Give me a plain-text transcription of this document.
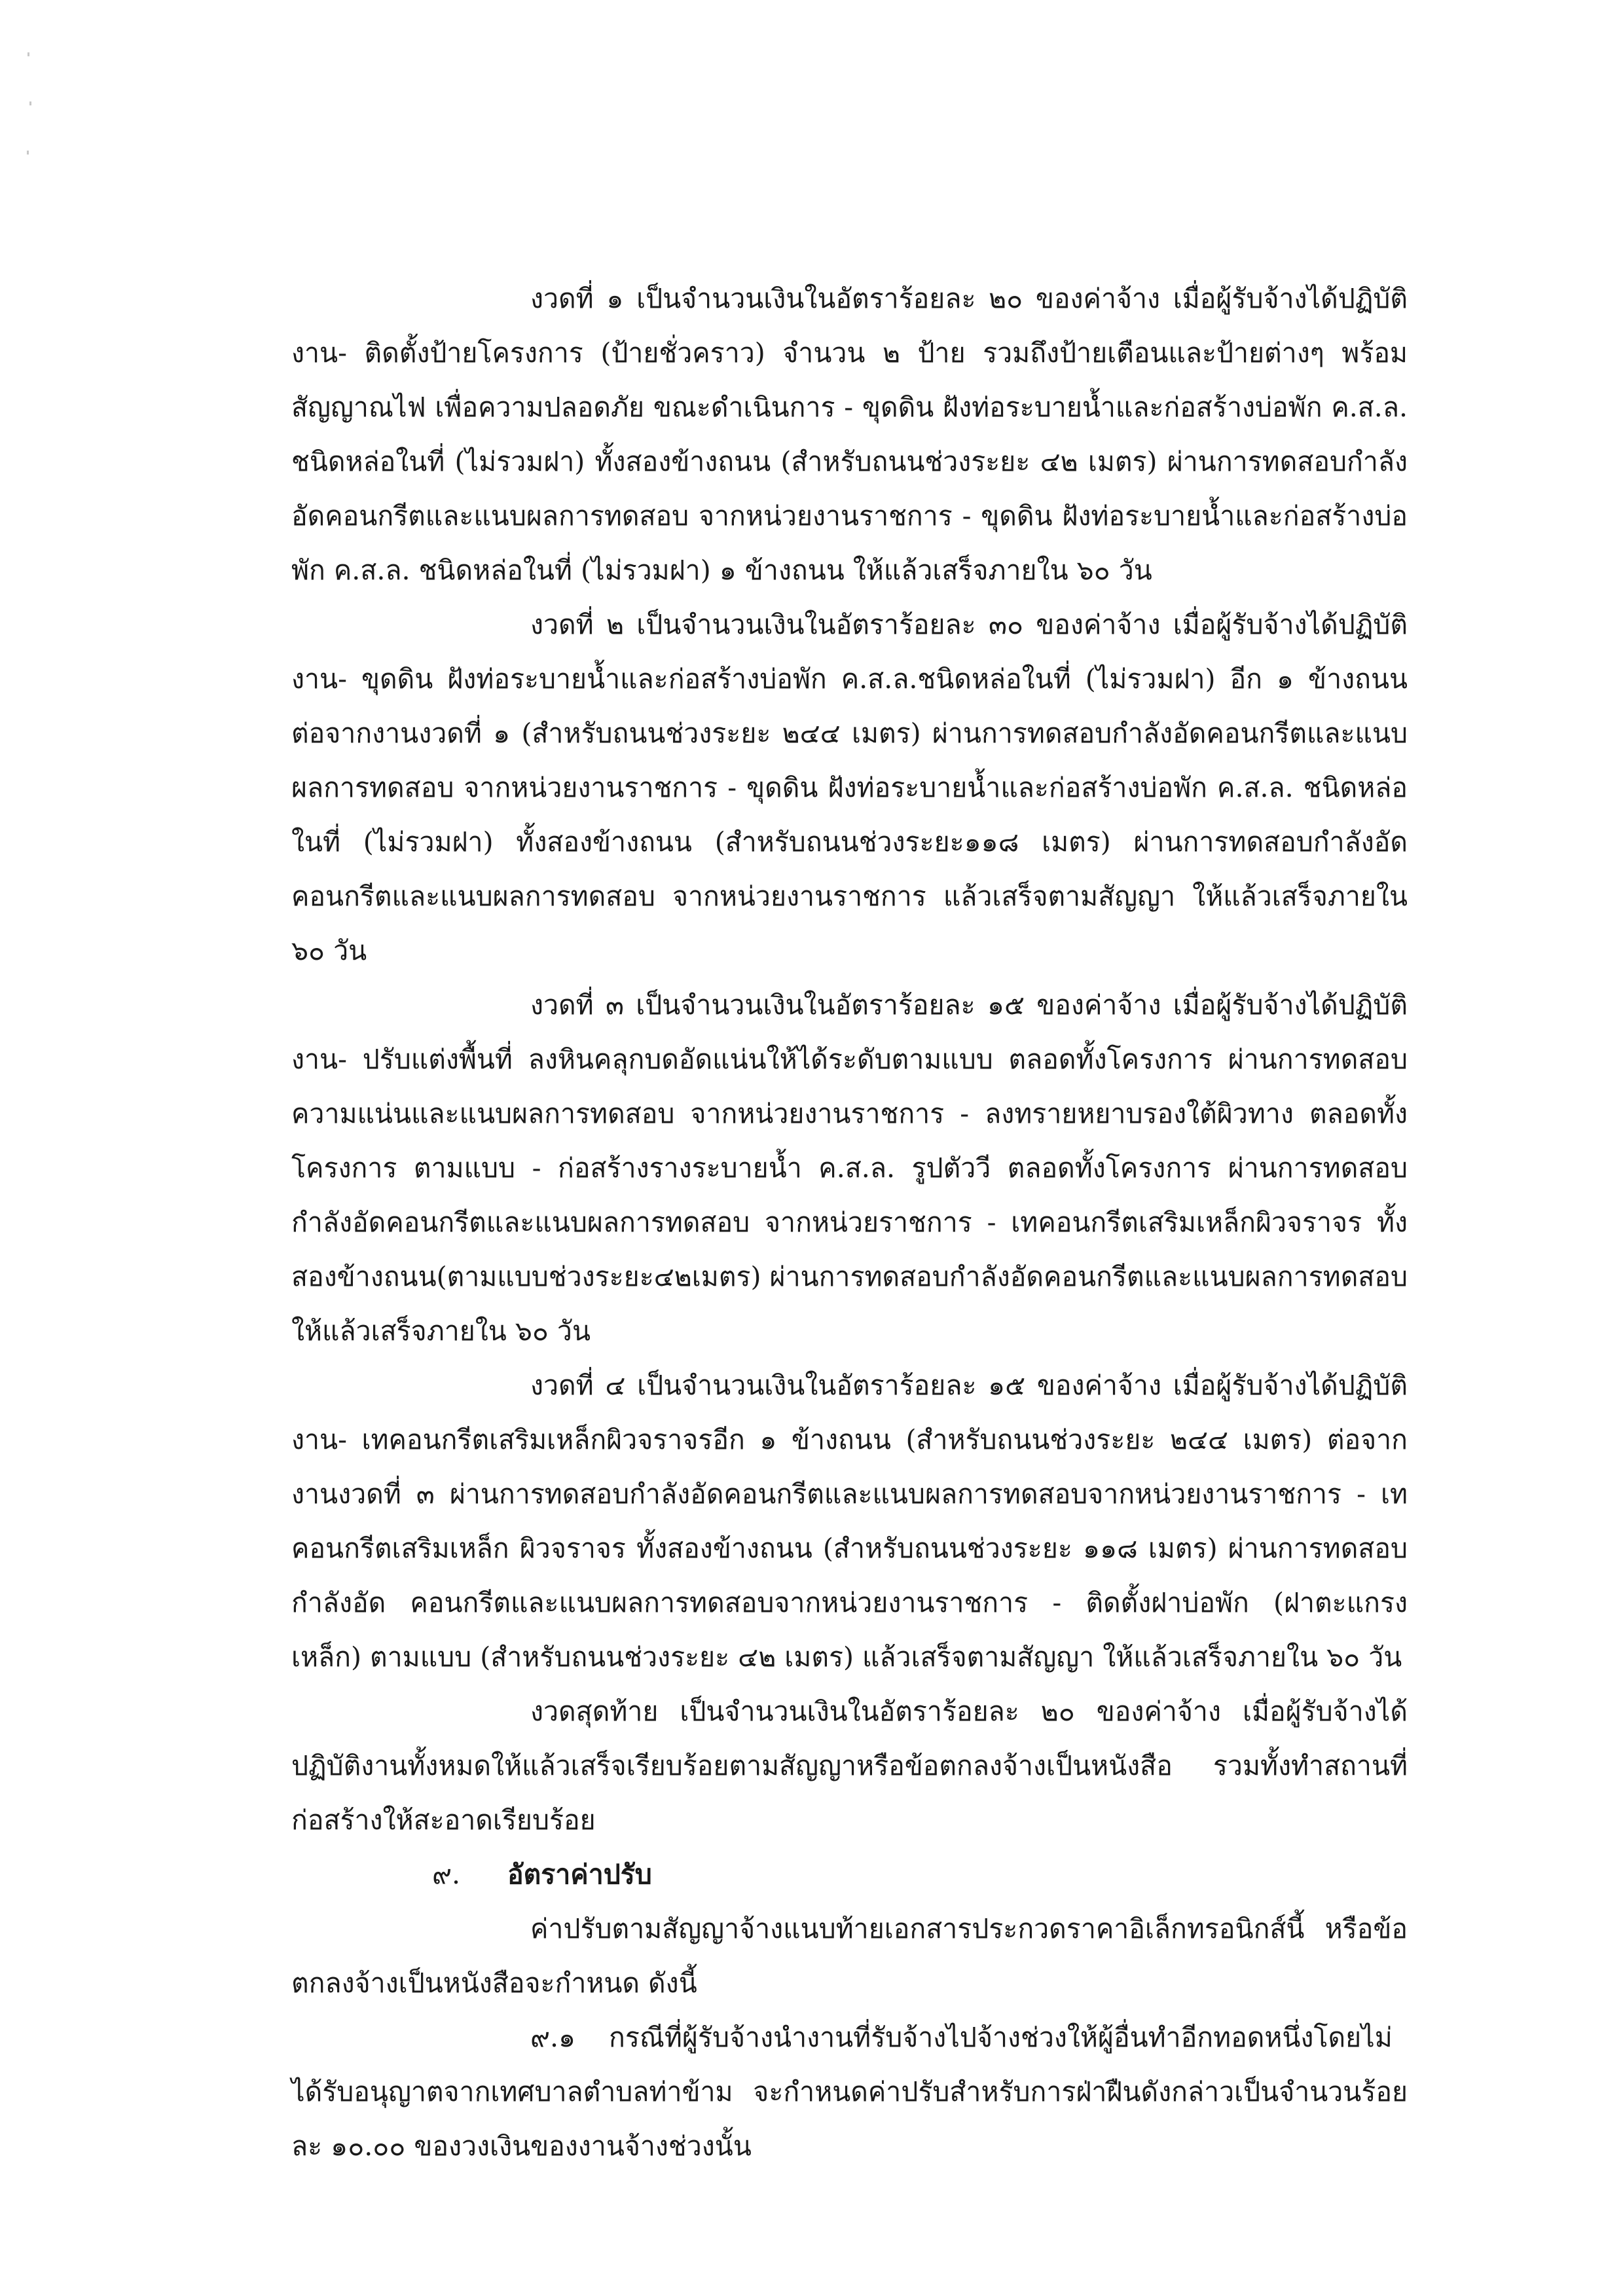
งวดที่ ๑ เป็นจำนวนเงินในอัตราร้อยละ ๒๐ ของค่าจ้าง เมื่อผู้รับจ้างได้ปฏิบัติงาน- ติดตั้งป้ายโครงการ (ป้ายชั่วคราว) จำนวน ๒ ป้าย รวมถึงป้ายเตือนและป้ายต่างๆ พร้อมสัญญาณไฟ เพื่อความปลอดภัย ขณะดำเนินการ - ขุดดิน ฝังท่อระบายน้ำและก่อสร้างบ่อพัก ค.ส.ล. ชนิดหล่อในที่ (ไม่รวมฝา) ทั้งสองข้างถนน (สำหรับถนนช่วงระยะ ๔๒ เมตร) ผ่านการทดสอบกำลังอัดคอนกรีตและแนบผลการทดสอบ จากหน่วยงานราชการ - ขุดดิน ฝังท่อระบายน้ำและก่อสร้างบ่อพัก ค.ส.ล. ชนิดหล่อในที่ (ไม่รวมฝา) ๑ ข้างถนน ให้แล้วเสร็จภายใน ๖๐ วัน

งวดที่ ๒ เป็นจำนวนเงินในอัตราร้อยละ ๓๐ ของค่าจ้าง เมื่อผู้รับจ้างได้ปฏิบัติงาน- ขุดดิน ฝังท่อระบายน้ำและก่อสร้างบ่อพัก ค.ส.ล.ชนิดหล่อในที่ (ไม่รวมฝา) อีก ๑ ข้างถนน ต่อจากงานงวดที่ ๑ (สำหรับถนนช่วงระยะ ๒๔๔ เมตร) ผ่านการทดสอบกำลังอัดคอนกรีตและแนบผลการทดสอบ จากหน่วยงานราชการ - ขุดดิน ฝังท่อระบายน้ำและก่อสร้างบ่อพัก ค.ส.ล. ชนิดหล่อในที่ (ไม่รวมฝา) ทั้งสองข้างถนน (สำหรับถนนช่วงระยะ๑๑๘ เมตร) ผ่านการทดสอบกำลังอัดคอนกรีตและแนบผลการทดสอบ จากหน่วยงานราชการ แล้วเสร็จตามสัญญา ให้แล้วเสร็จภายใน ๖๐ วัน

งวดที่ ๓ เป็นจำนวนเงินในอัตราร้อยละ ๑๕ ของค่าจ้าง เมื่อผู้รับจ้างได้ปฏิบัติงาน- ปรับแต่งพื้นที่ ลงหินคลุกบดอัดแน่นให้ได้ระดับตามแบบ ตลอดทั้งโครงการ ผ่านการทดสอบความแน่นและแนบผลการทดสอบ จากหน่วยงานราชการ - ลงทรายหยาบรองใต้ผิวทาง ตลอดทั้งโครงการ ตามแบบ - ก่อสร้างรางระบายน้ำ ค.ส.ล. รูปตัววี ตลอดทั้งโครงการ ผ่านการทดสอบกำลังอัดคอนกรีตและแนบผลการทดสอบ จากหน่วยราชการ - เทคอนกรีตเสริมเหล็กผิวจราจร ทั้งสองข้างถนน(ตามแบบช่วงระยะ๔๒เมตร) ผ่านการทดสอบกำลังอัดคอนกรีตและแนบผลการทดสอบ ให้แล้วเสร็จภายใน ๖๐ วัน

งวดที่ ๔ เป็นจำนวนเงินในอัตราร้อยละ ๑๕ ของค่าจ้าง เมื่อผู้รับจ้างได้ปฏิบัติงาน- เทคอนกรีตเสริมเหล็กผิวจราจรอีก ๑ ข้างถนน (สำหรับถนนช่วงระยะ ๒๔๔ เมตร) ต่อจากงานงวดที่ ๓ ผ่านการทดสอบกำลังอัดคอนกรีตและแนบผลการทดสอบจากหน่วยงานราชการ - เทคอนกรีตเสริมเหล็ก ผิวจราจร ทั้งสองข้างถนน (สำหรับถนนช่วงระยะ ๑๑๘ เมตร) ผ่านการทดสอบกำลังอัด คอนกรีตและแนบผลการทดสอบจากหน่วยงานราชการ - ติดตั้งฝาบ่อพัก (ฝาตะแกรงเหล็ก) ตามแบบ (สำหรับถนนช่วงระยะ ๔๒ เมตร) แล้วเสร็จตามสัญญา ให้แล้วเสร็จภายใน ๖๐ วัน

งวดสุดท้าย เป็นจำนวนเงินในอัตราร้อยละ ๒๐ ของค่าจ้าง เมื่อผู้รับจ้างได้ปฏิบัติงานทั้งหมดให้แล้วเสร็จเรียบร้อยตามสัญญาหรือข้อตกลงจ้างเป็นหนังสือ รวมทั้งทำสถานที่ก่อสร้างให้สะอาดเรียบร้อย

๙. อัตราค่าปรับ

ค่าปรับตามสัญญาจ้างแนบท้ายเอกสารประกวดราคาอิเล็กทรอนิกส์นี้ หรือข้อตกลงจ้างเป็นหนังสือจะกำหนด ดังนี้

๙.๑ กรณีที่ผู้รับจ้างนำงานที่รับจ้างไปจ้างช่วงให้ผู้อื่นทำอีกทอดหนึ่งโดยไม่ได้รับอนุญาตจากเทศบาลตำบลท่าข้าม จะกำหนดค่าปรับสำหรับการฝ่าฝืนดังกล่าวเป็นจำนวนร้อยละ ๑๐.๐๐ ของวงเงินของงานจ้างช่วงนั้น
